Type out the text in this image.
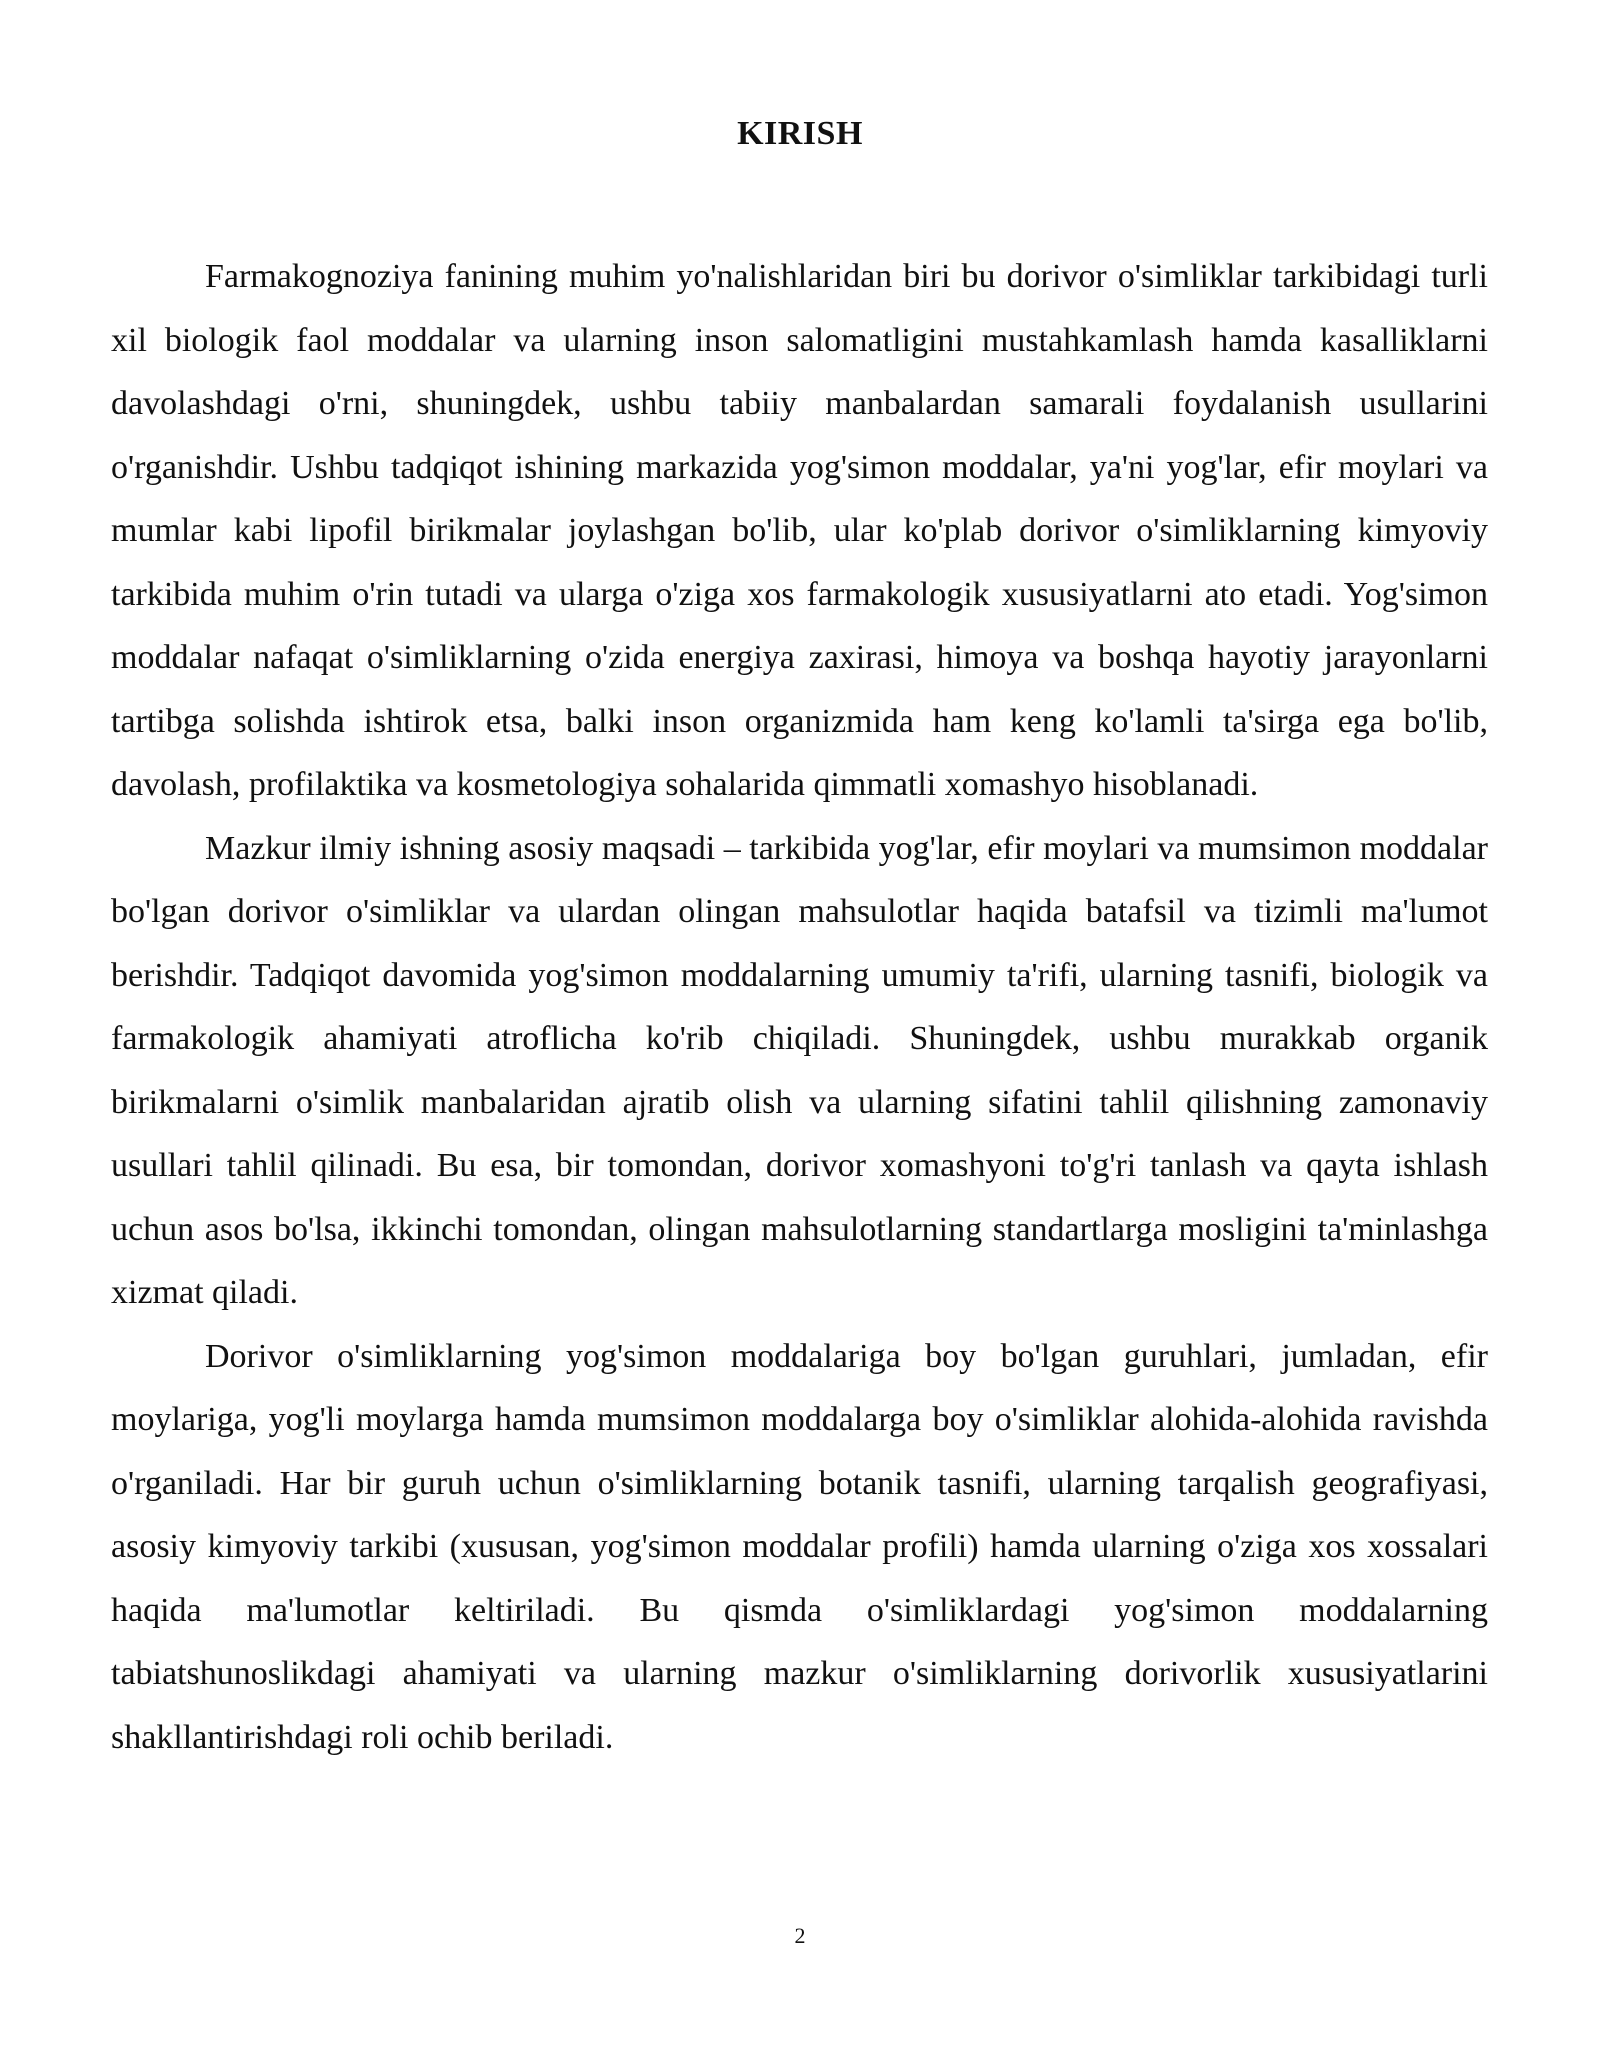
KIRISH

Farmakognoziya fanining muhim yo'nalishlaridan biri bu dorivor o'simliklar tarkibidagi turli xil biologik faol moddalar va ularning inson salomatligini mustahkamlash hamda kasalliklarni davolashdagi o'rni, shuningdek, ushbu tabiiy manbalardan samarali foydalanish usullarini o'rganishdir. Ushbu tadqiqot ishining markazida yog'simon moddalar, ya'ni yog'lar, efir moylari va mumlar kabi lipofil birikmalar joylashgan bo'lib, ular ko'plab dorivor o'simliklarning kimyoviy tarkibida muhim o'rin tutadi va ularga o'ziga xos farmakologik xususiyatlarni ato etadi. Yog'simon moddalar nafaqat o'simliklarning o'zida energiya zaxirasi, himoya va boshqa hayotiy jarayonlarni tartibga solishda ishtirok etsa, balki inson organizmida ham keng ko'lamli ta'sirga ega bo'lib, davolash, profilaktika va kosmetologiya sohalarida qimmatli xomashyo hisoblanadi.

Mazkur ilmiy ishning asosiy maqsadi – tarkibida yog'lar, efir moylari va mumsimon moddalar bo'lgan dorivor o'simliklar va ulardan olingan mahsulotlar haqida batafsil va tizimli ma'lumot berishdir. Tadqiqot davomida yog'simon moddalarning umumiy ta'rifi, ularning tasnifi, biologik va farmakologik ahamiyati atroflicha ko'rib chiqiladi. Shuningdek, ushbu murakkab organik birikmalarni o'simlik manbalaridan ajratib olish va ularning sifatini tahlil qilishning zamonaviy usullari tahlil qilinadi. Bu esa, bir tomondan, dorivor xomashyoni to'g'ri tanlash va qayta ishlash uchun asos bo'lsa, ikkinchi tomondan, olingan mahsulotlarning standartlarga mosligini ta'minlashga xizmat qiladi.

Dorivor o'simliklarning yog'simon moddalariga boy bo'lgan guruhlari, jumladan, efir moylariga, yog'li moylarga hamda mumsimon moddalarga boy o'simliklar alohida-alohida ravishda o'rganiladi. Har bir guruh uchun o'simliklarning botanik tasnifi, ularning tarqalish geografiyasi, asosiy kimyoviy tarkibi (xususan, yog'simon moddalar profili) hamda ularning o'ziga xos xossalari haqida ma'lumotlar keltiriladi. Bu qismda o'simliklardagi yog'simon moddalarning tabiatshunoslikdagi ahamiyati va ularning mazkur o'simliklarning dorivorlik xususiyatlarini shakllantirishdagi roli ochib beriladi.

2
